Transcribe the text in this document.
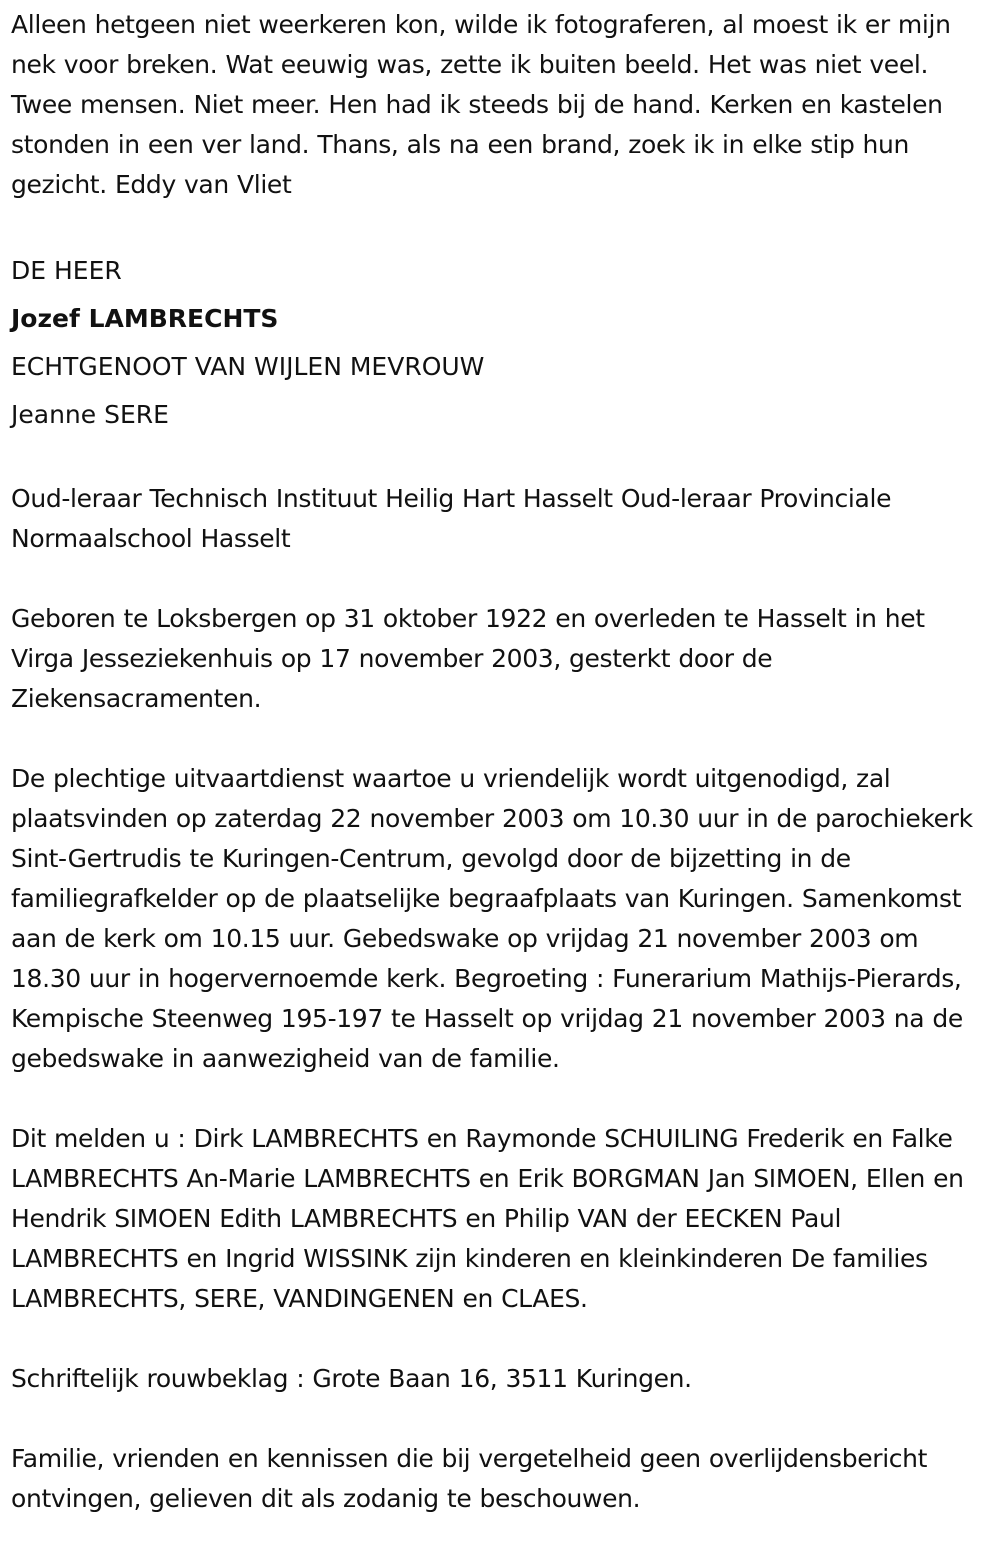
Alleen hetgeen niet weerkeren kon, wilde ik fotograferen, al moest ik er mijn nek voor breken. Wat eeuwig was, zette ik buiten beeld. Het was niet veel. Twee mensen. Niet meer. Hen had ik steeds bij de hand. Kerken en kastelen stonden in een ver land. Thans, als na een brand, zoek ik in elke stip hun gezicht. Eddy van Vliet

DE HEER
Jozef LAMBRECHTS
ECHTGENOOT VAN WIJLEN MEVROUW
Jeanne SERE

Oud-leraar Technisch Instituut Heilig Hart Hasselt Oud-leraar Provinciale Normaalschool Hasselt

Geboren te Loksbergen op 31 oktober 1922 en overleden te Hasselt in het Virga Jesseziekenhuis op 17 november 2003, gesterkt door de Ziekensacramenten.

De plechtige uitvaartdienst waartoe u vriendelijk wordt uitgenodigd, zal plaatsvinden op zaterdag 22 november 2003 om 10.30 uur in de parochiekerk Sint-Gertrudis te Kuringen-Centrum, gevolgd door de bijzetting in de familiegrafkelder op de plaatselijke begraafplaats van Kuringen. Samenkomst aan de kerk om 10.15 uur. Gebedswake op vrijdag 21 november 2003 om 18.30 uur in hogervernoemde kerk. Begroeting : Funerarium Mathijs-Pierards, Kempische Steenweg 195-197 te Hasselt op vrijdag 21 november 2003 na de gebedswake in aanwezigheid van de familie.

Dit melden u : Dirk LAMBRECHTS en Raymonde SCHUILING Frederik en Falke LAMBRECHTS An-Marie LAMBRECHTS en Erik BORGMAN Jan SIMOEN, Ellen en Hendrik SIMOEN Edith LAMBRECHTS en Philip VAN der EECKEN Paul LAMBRECHTS en Ingrid WISSINK zijn kinderen en kleinkinderen De families LAMBRECHTS, SERE, VANDINGENEN en CLAES.

Schriftelijk rouwbeklag : Grote Baan 16, 3511 Kuringen.

Familie, vrienden en kennissen die bij vergetelheid geen overlijdensbericht ontvingen, gelieven dit als zodanig te beschouwen.
